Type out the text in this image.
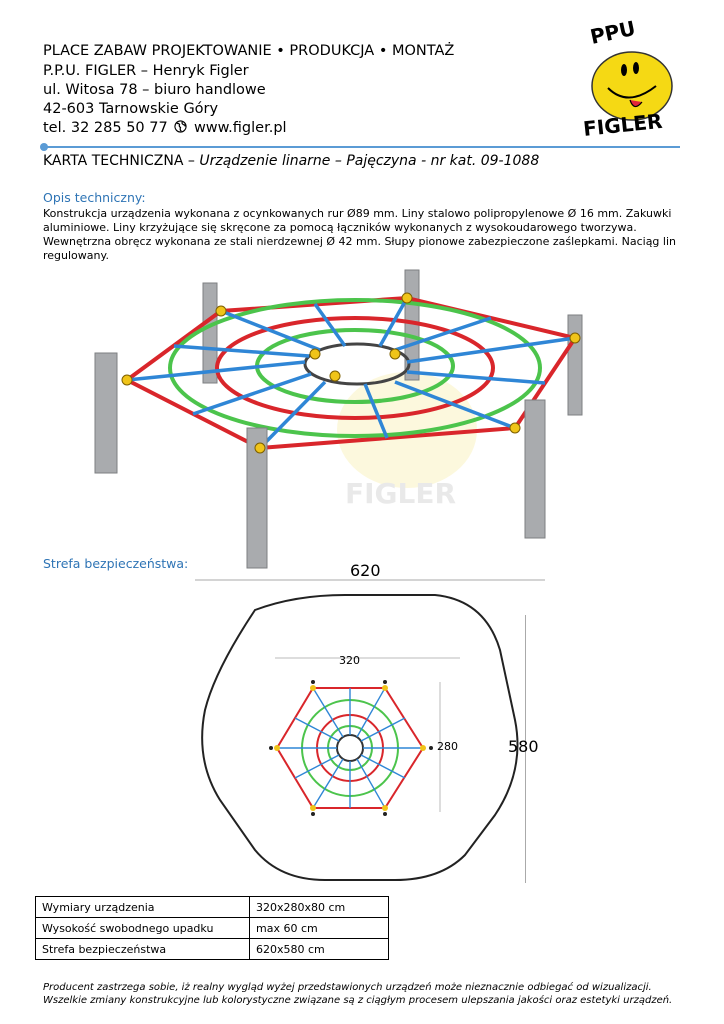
PLACE ZABAW PROJEKTOWANIE • PRODUKCJA • MONTAŻ
P.P.U. FIGLER – Henryk Figler
ul. Witosa 78 – biuro handlowe
42-603 Tarnowskie Góry
tel. 32 285 50 77 www.figler.pl
PPU
FIGLER
KARTA TECHNICZNA – Urządzenie linarne – Pajęczyna - nr kat. 09-1088
Opis techniczny:
Konstrukcja urządzenia wykonana z ocynkowanych rur Ø89 mm. Liny stalowo polipropylenowe Ø 16 mm. Zakuwki aluminiowe. Liny krzyżujące się skręcone za pomocą łączników wykonanych z wysokoudarowego tworzywa. Wewnętrzna obręcz wykonana ze stali nierdzewnej Ø 42 mm. Słupy pionowe zabezpieczone zaślepkami. Naciąg lin regulowany.
FIGLER
Strefa bezpieczeństwa:	620
320
280	580
Wymiary urządzenia	320x280x80 cm
Wysokość swobodnego upadku	max 60 cm
Strefa bezpieczeństwa	620x580 cm
Producent zastrzega sobie, iż realny wygląd wyżej przedstawionych urządzeń może nieznacznie odbiegać od wizualizacji.
Wszelkie zmiany konstrukcyjne lub kolorystyczne związane są z ciągłym procesem ulepszania jakości oraz estetyki urządzeń.
